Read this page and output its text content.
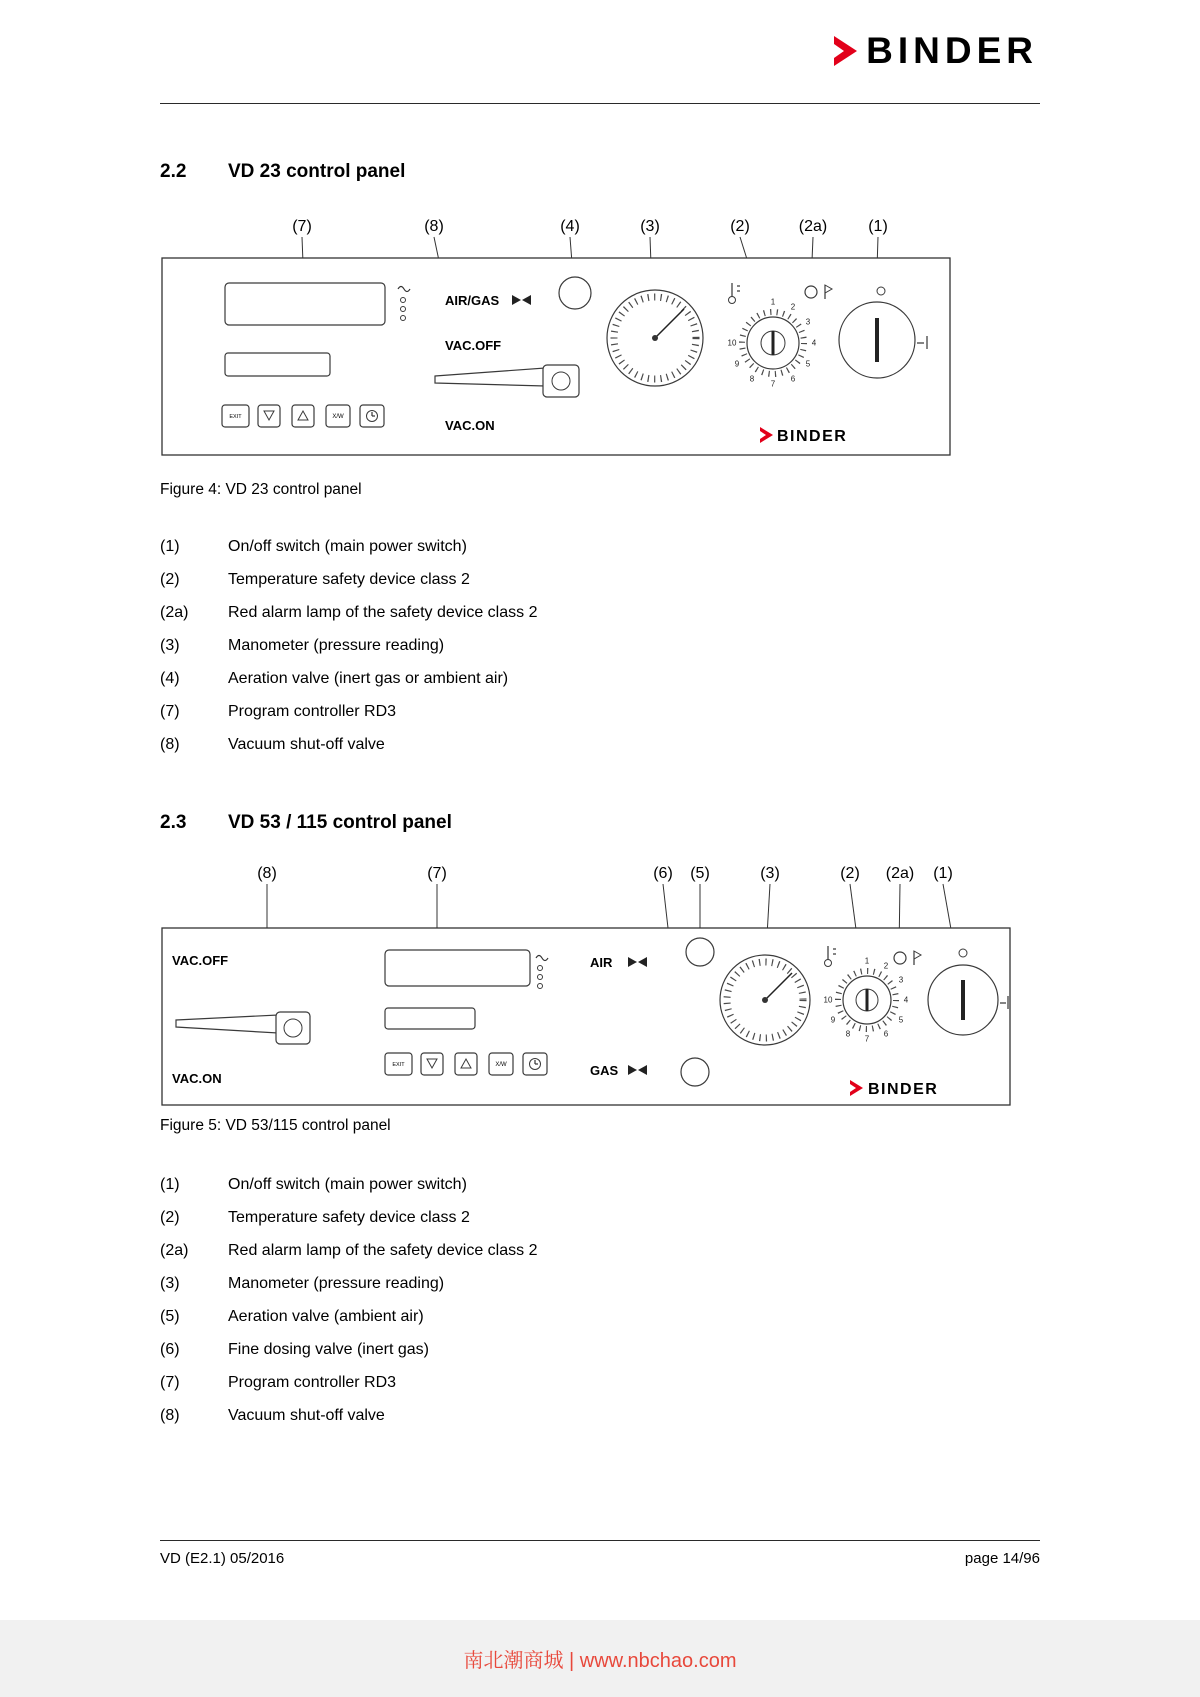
BINDER
2.2 VD 23 control panel
(7)	(8)	(4)	(3)	(2)	(2a)	(1)
EXIT	X/W
AIR/GAS
VAC.OFF
VAC.ON
1
2
3
4
5
6
7
8
9
10
BINDER
Figure 4: VD 23 control panel
(1)	On/off switch (main power switch)
(2)	Temperature safety device class 2
(2a)	Red alarm lamp of the safety device class 2
(3)	Manometer (pressure reading)
(4)	Aeration valve (inert gas or ambient air)
(7)	Program controller RD3
(8)	Vacuum shut-off valve
2.3 VD 53 / 115 control panel
(8)	(7)	(6) (5)	(3)	(2) (2a) (1)
VAC.OFF
VAC.ON
EXIT	X/W
AIR
GAS
1
2
3
4
5
6
7
8
9
10
BINDER
Figure 5: VD 53/115 control panel
(1)	On/off switch (main power switch)
(2)	Temperature safety device class 2
(2a)	Red alarm lamp of the safety device class 2
(3)	Manometer (pressure reading)
(5)	Aeration valve (ambient air)
(6)	Fine dosing valve (inert gas)
(7)	Program controller RD3
(8)	Vacuum shut-off valve
VD (E2.1) 05/2016	page 14/96
南北潮商城 | www.nbchao.com
